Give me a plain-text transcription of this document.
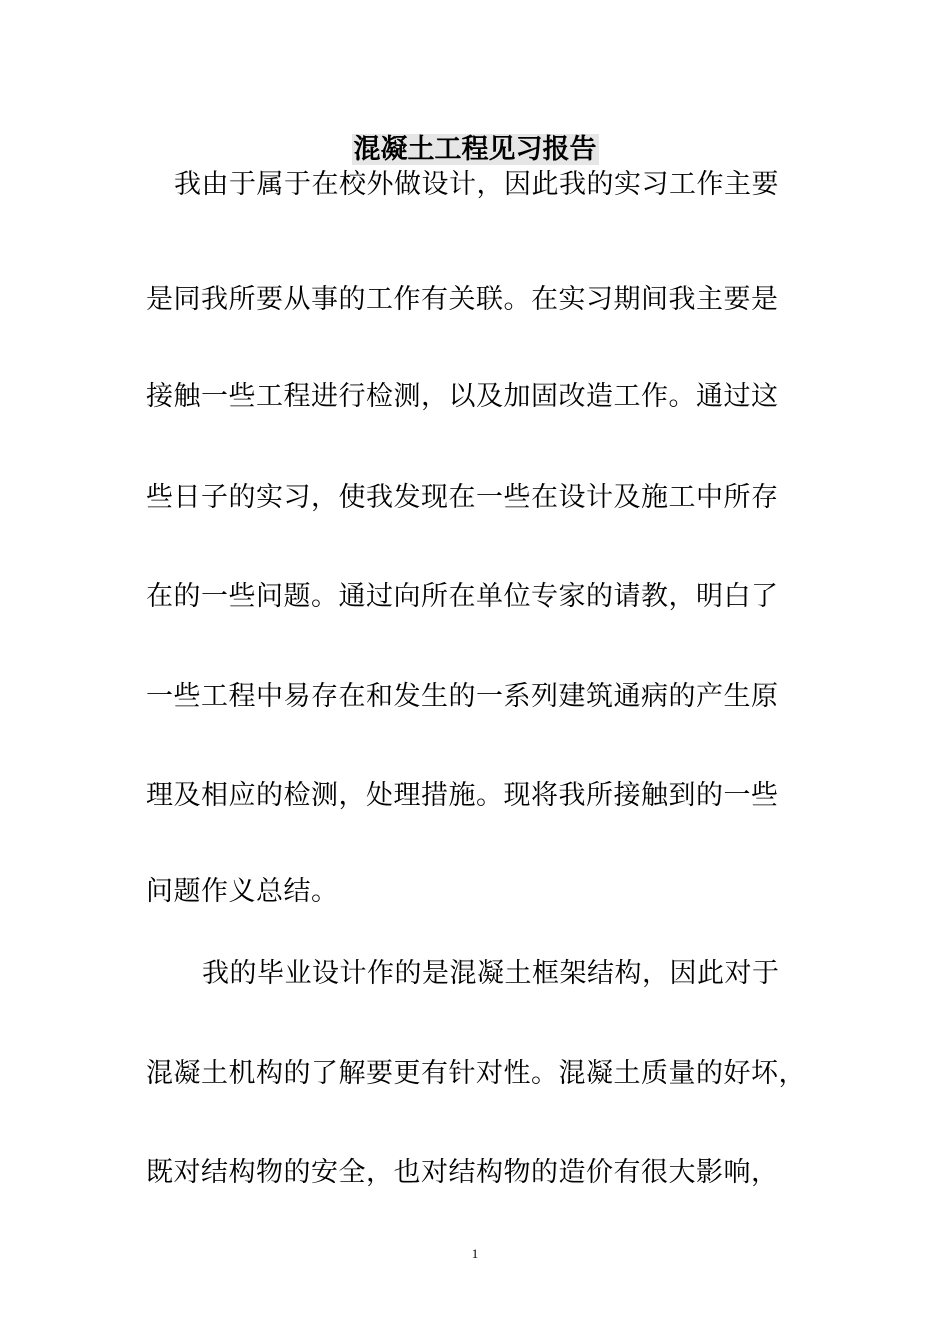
混凝土工程见习报告
我由于属于在校外做设计，因此我的实习工作主要
是同我所要从事的工作有关联。在实习期间我主要是
接触一些工程进行检测，以及加固改造工作。通过这
些日子的实习，使我发现在一些在设计及施工中所存
在的一些问题。通过向所在单位专家的请教，明白了
一些工程中易存在和发生的一系列建筑通病的产生原
理及相应的检测，处理措施。现将我所接触到的一些
问题作义总结。
我的毕业设计作的是混凝土框架结构，因此对于
混凝土机构的了解要更有针对性。混凝土质量的好坏，
既对结构物的安全，也对结构物的造价有很大影响，
1
